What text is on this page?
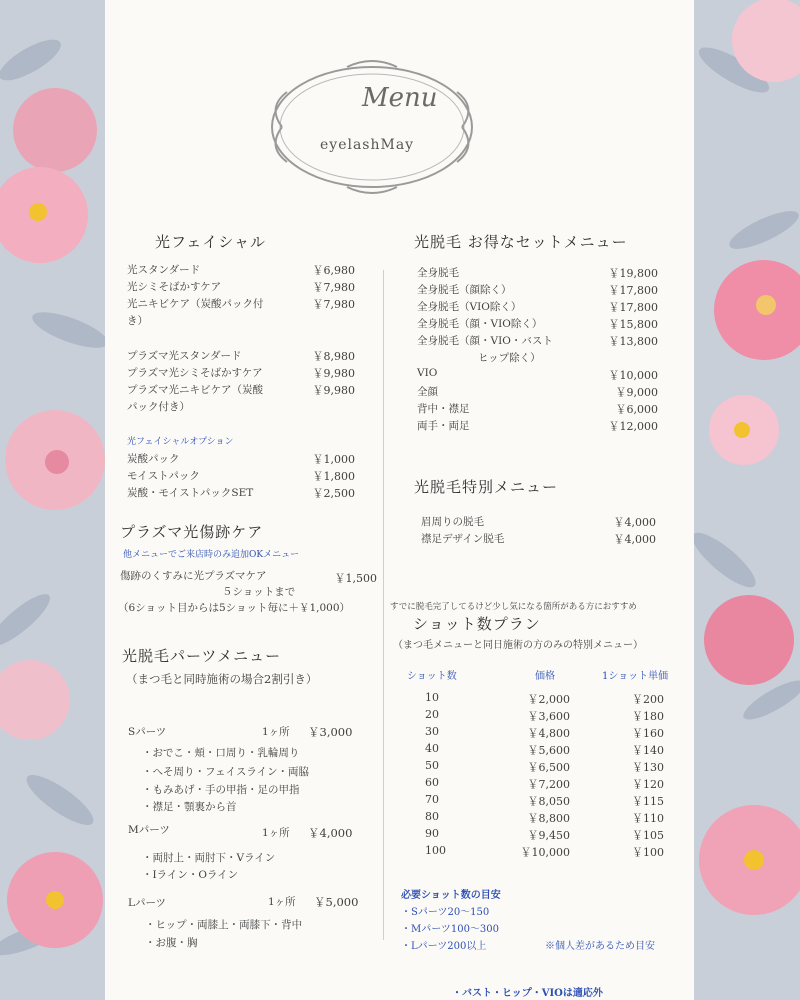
Menu
eyelashMay
光フェイシャル
光スタンダード	￥6,980
光シミそばかすケア	￥7,980
光ニキビケア（炭酸パック付
き）
￥7,980
プラズマ光スタンダード	￥8,980
プラズマ光シミそばかすケア	￥9,980
プラズマ光ニキビケア（炭酸
パック付き）
￥9,980
光フェイシャルオプション
炭酸パック	￥1,000
モイストパック	￥1,800
炭酸・モイストパックSET	￥2,500
プラズマ光傷跡ケア
他メニューでご来店時のみ追加OKメニュー
傷跡のくすみに光プラズマケア	￥1,500
５ショットまで
（6ショット目からは5ショット毎に＋￥1,000）
光脱毛パーツメニュー
（まつ毛と同時施術の場合2割引き）
Sパーツ	1ヶ所 ￥3,000
・おでこ・頬・口周り・乳輪周り
・へそ周り・フェイスライン・両脇
・もみあげ・手の甲指・足の甲指
・襟足・顎裏から首
Mパーツ	1ヶ所 ￥4,000
・両肘上・両肘下・Vライン
・Iライン・Oライン
Lパーツ	1ヶ所 ￥5,000
・ヒップ・両膝上・両膝下・背中
・お腹・胸
光脱毛 お得なセットメニュー
全身脱毛	￥19,800
全身脱毛（顔除く）	￥17,800
全身脱毛（VIO除く）	￥17,800
全身脱毛（顔・VIO除く）	￥15,800
全身脱毛（顔・VIO・バスト
ヒップ除く）
￥13,800
VIO	￥10,000
全顔	￥9,000
背中・襟足	￥6,000
両手・両足	￥12,000
光脱毛特別メニュー
眉周りの脱毛	￥4,000
襟足デザイン脱毛	￥4,000
すでに脱毛完了してるけど少し気になる箇所がある方におすすめ
ショット数プラン
（まつ毛メニューと同日施術の方のみの特別メニュー）
ショット数	価格	1ショット単価
10	￥2,000	￥200
20	￥3,600	￥180
30	￥4,800	￥160
40	￥5,600	￥140
50	￥6,500	￥130
60	￥7,200	￥120
70	￥8,050	￥115
80	￥8,800	￥110
90	￥9,450	￥105
100	￥10,000	￥100
必要ショット数の目安
・Sパーツ20～150
・Mパーツ100～300
・Lパーツ200以上	※個人差があるため目安
・バスト・ヒップ・VIOは適応外
